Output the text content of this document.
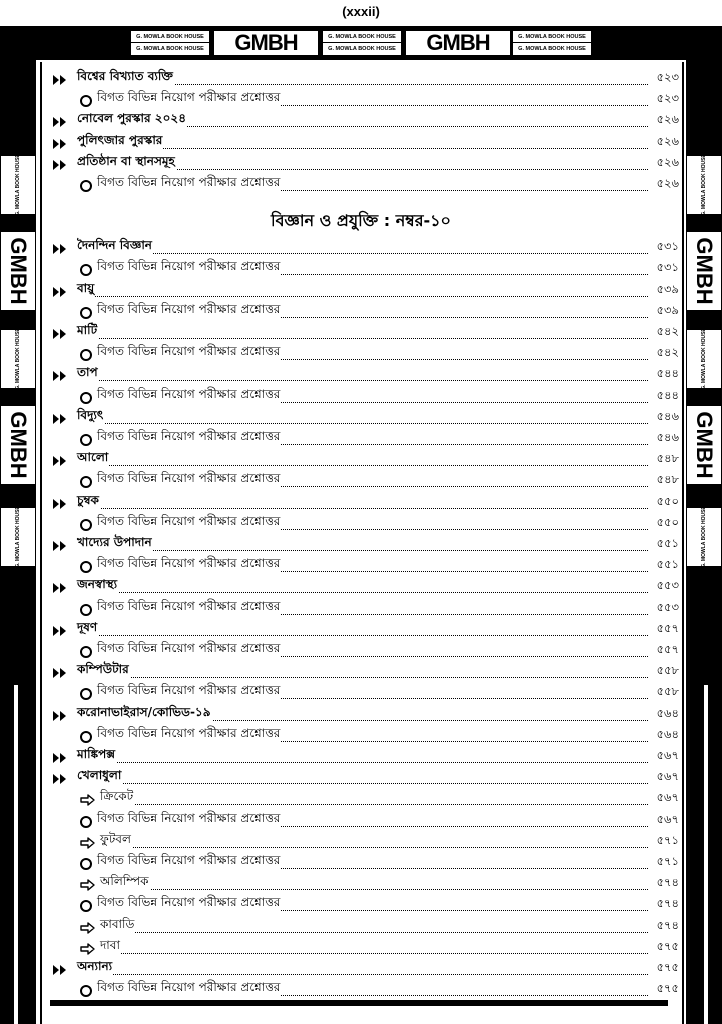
(xxxii)
G. MOWLA BOOK HOUSE
G. MOWLA BOOK HOUSE	GMBH	G. MOWLA BOOK HOUSE
G. MOWLA BOOK HOUSE	GMBH	G. MOWLA BOOK HOUSE
G. MOWLA BOOK HOUSE
G. MOWLA BOOK HOUSE
GMBH
G. MOWLA BOOK HOUSE
GMBH
G. MOWLA BOOK HOUSE
G. MOWLA BOOK HOUSE
GMBH
G. MOWLA BOOK HOUSE
GMBH
G. MOWLA BOOK HOUSE
বিজ্ঞান ও প্রযুক্তি : নম্বর-১০
বিশ্বের বিখ্যাত ব্যক্তি	৫২৩
বিগত বিভিন্ন নিয়োগ পরীক্ষার প্রশ্নোত্তর	৫২৩
নোবেল পুরস্কার ২০২৪	৫২৬
পুলিৎজার পুরস্কার	৫২৬
প্রতিষ্ঠান বা স্থানসমূহ	৫২৬
বিগত বিভিন্ন নিয়োগ পরীক্ষার প্রশ্নোত্তর	৫২৬
দৈনন্দিন বিজ্ঞান	৫৩১
বিগত বিভিন্ন নিয়োগ পরীক্ষার প্রশ্নোত্তর	৫৩১
বায়ু	৫৩৯
বিগত বিভিন্ন নিয়োগ পরীক্ষার প্রশ্নোত্তর	৫৩৯
মাটি	৫৪২
বিগত বিভিন্ন নিয়োগ পরীক্ষার প্রশ্নোত্তর	৫৪২
তাপ	৫৪৪
বিগত বিভিন্ন নিয়োগ পরীক্ষার প্রশ্নোত্তর	৫৪৪
বিদ্যুৎ	৫৪৬
বিগত বিভিন্ন নিয়োগ পরীক্ষার প্রশ্নোত্তর	৫৪৬
আলো	৫৪৮
বিগত বিভিন্ন নিয়োগ পরীক্ষার প্রশ্নোত্তর	৫৪৮
চুম্বক	৫৫০
বিগত বিভিন্ন নিয়োগ পরীক্ষার প্রশ্নোত্তর	৫৫০
খাদ্যের উপাদান	৫৫১
বিগত বিভিন্ন নিয়োগ পরীক্ষার প্রশ্নোত্তর	৫৫১
জনস্বাস্থ্য	৫৫৩
বিগত বিভিন্ন নিয়োগ পরীক্ষার প্রশ্নোত্তর	৫৫৩
দূষণ	৫৫৭
বিগত বিভিন্ন নিয়োগ পরীক্ষার প্রশ্নোত্তর	৫৫৭
কম্পিউটার	৫৫৮
বিগত বিভিন্ন নিয়োগ পরীক্ষার প্রশ্নোত্তর	৫৫৮
করোনাভাইরাস/কোভিড-১৯	৫৬৪
বিগত বিভিন্ন নিয়োগ পরীক্ষার প্রশ্নোত্তর	৫৬৪
মাঙ্কিপক্স	৫৬৭
খেলাধুলা	৫৬৭
ক্রিকেট	৫৬৭
বিগত বিভিন্ন নিয়োগ পরীক্ষার প্রশ্নোত্তর	৫৬৭
ফুটবল	৫৭১
বিগত বিভিন্ন নিয়োগ পরীক্ষার প্রশ্নোত্তর	৫৭১
অলিম্পিক	৫৭৪
বিগত বিভিন্ন নিয়োগ পরীক্ষার প্রশ্নোত্তর	৫৭৪
কাবাডি	৫৭৪
দাবা	৫৭৫
অন্যান্য	৫৭৫
বিগত বিভিন্ন নিয়োগ পরীক্ষার প্রশ্নোত্তর	৫৭৫
